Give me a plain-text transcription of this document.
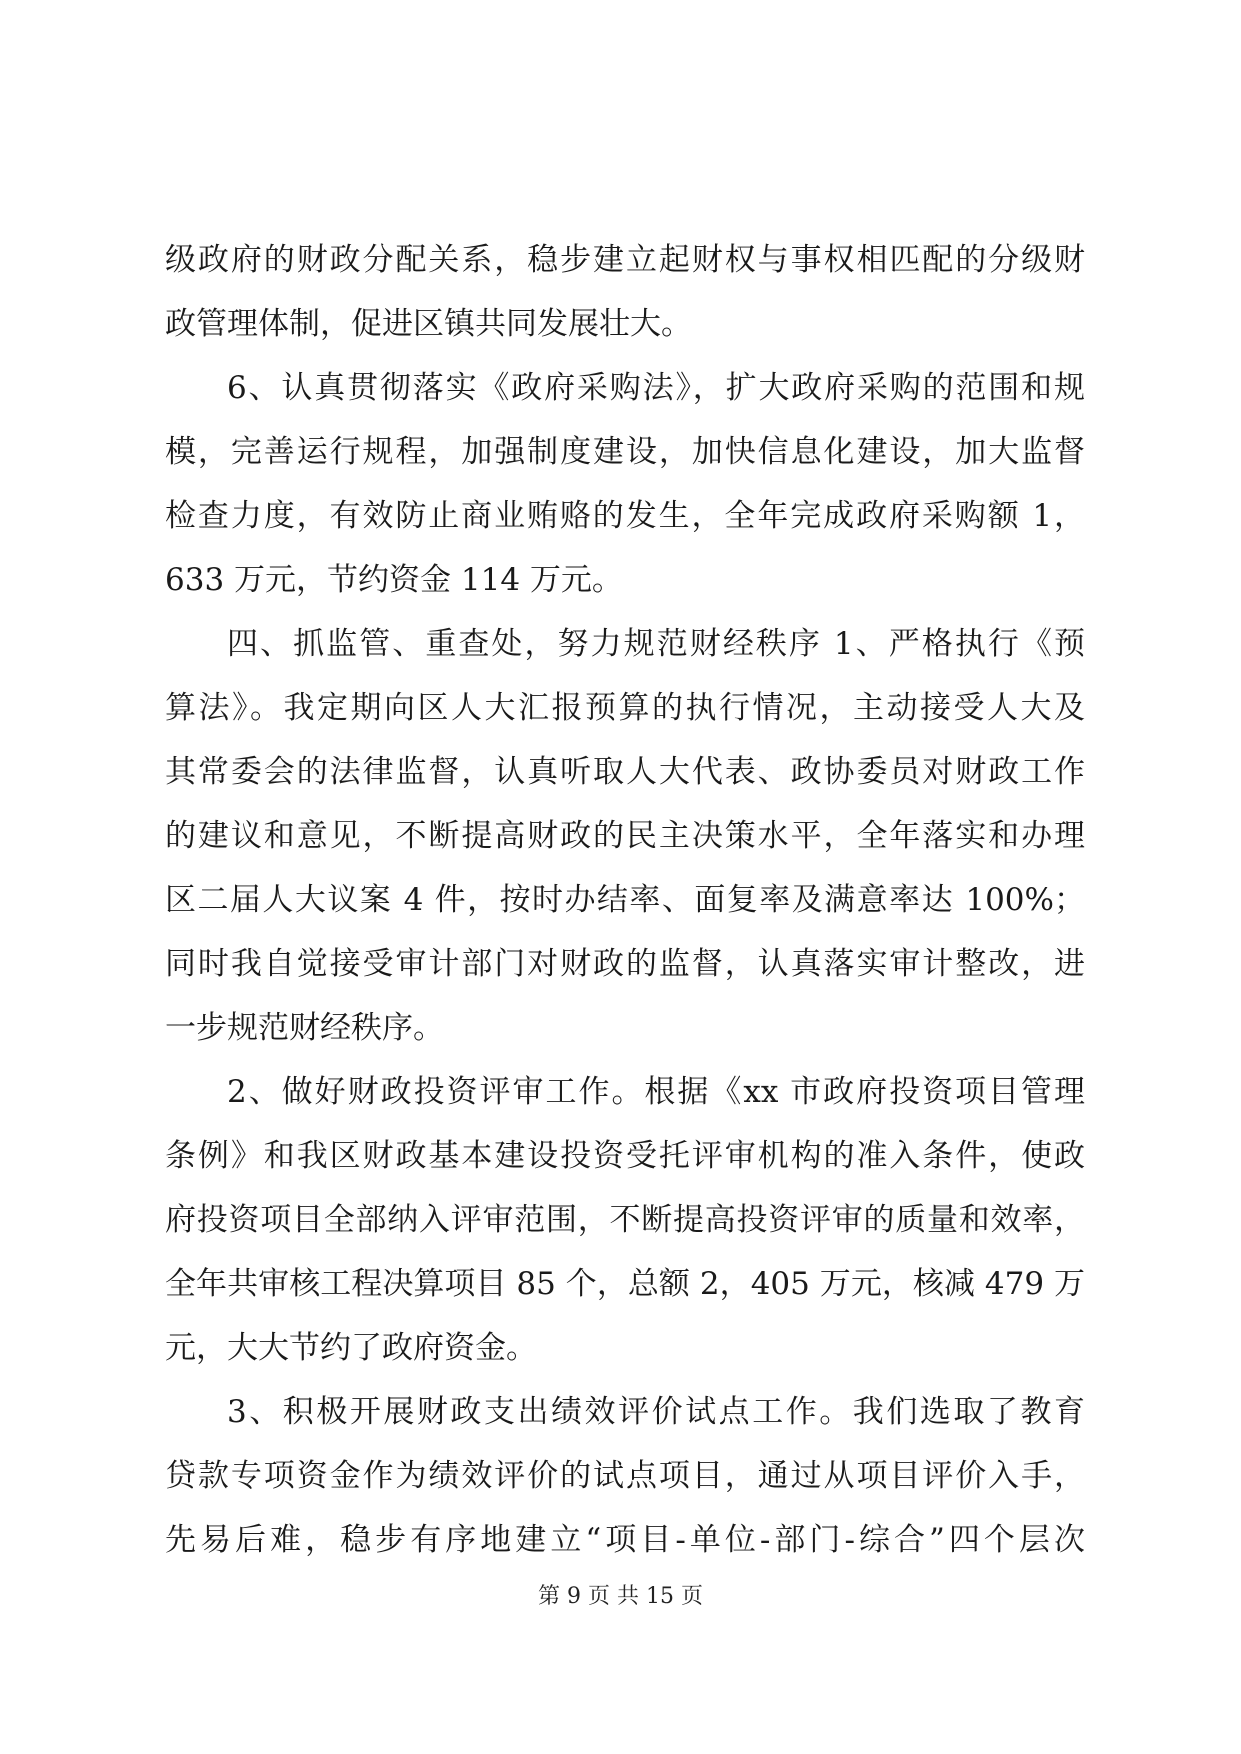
级政府的财政分配关系，稳步建立起财权与事权相匹配的分级财
政管理体制，促进区镇共同发展壮大。
6、认真贯彻落实《政府采购法》，扩大政府采购的范围和规
模，完善运行规程，加强制度建设，加快信息化建设，加大监督
检查力度，有效防止商业贿赂的发生，全年完成政府采购额 1，
633 万元，节约资金 114 万元。
四、抓监管、重查处，努力规范财经秩序 1、严格执行《预
算法》。我定期向区人大汇报预算的执行情况，主动接受人大及
其常委会的法律监督，认真听取人大代表、政协委员对财政工作
的建议和意见，不断提高财政的民主决策水平，全年落实和办理
区二届人大议案 4 件，按时办结率、面复率及满意率达 100%；
同时我自觉接受审计部门对财政的监督，认真落实审计整改，进
一步规范财经秩序。
2、做好财政投资评审工作。根据《xx 市政府投资项目管理
条例》和我区财政基本建设投资受托评审机构的准入条件，使政
府投资项目全部纳入评审范围，不断提高投资评审的质量和效率，
全年共审核工程决算项目 85 个，总额 2，405 万元，核减 479 万
元，大大节约了政府资金。
3、积极开展财政支出绩效评价试点工作。我们选取了教育
贷款专项资金作为绩效评价的试点项目，通过从项目评价入手，
先易后难，稳步有序地建立“项目-单位-部门-综合”四个层次
第 9 页 共 15 页
